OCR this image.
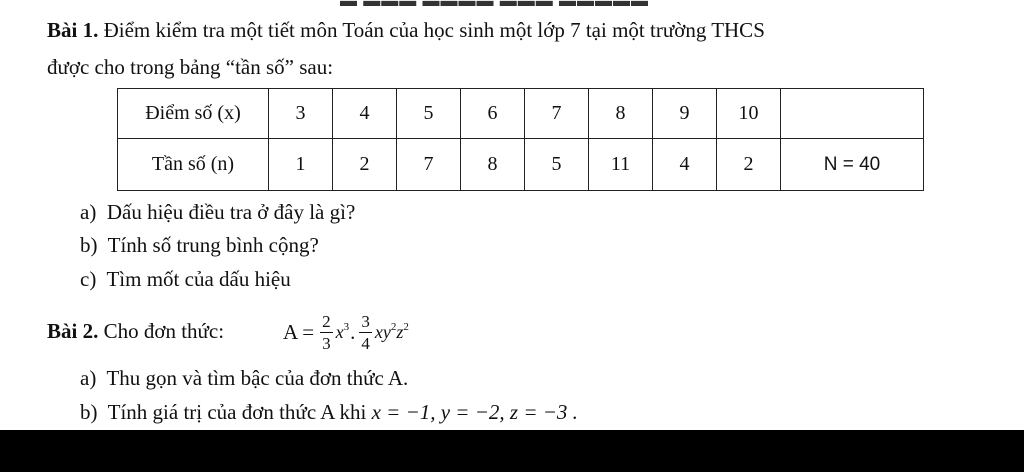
▬ ▬▬▬ ▬▬▬▬ ▬▬▬ ▬▬▬▬▬
Bài 1. Điểm kiểm tra một tiết môn Toán của học sinh một lớp 7 tại một trường THCS
được cho trong bảng “tần số” sau:
Điểm số (x)	3	4	5	6	7	8	9	10	
Tần số (n)	1	2	7	8	5	11	4	2	N = 40
a) Dấu hiệu điều tra ở đây là gì?
b) Tính số trung bình cộng?
c) Tìm mốt của dấu hiệu
Bài 2. Cho đơn thức:	$A = \frac{2}{3} x^3$ . $\frac{3}{4} xy^2z^2$
a) Thu gọn và tìm bậc của đơn thức A.
b) Tính giá trị của đơn thức A khi x = −1, y = −2, z = −3 .
